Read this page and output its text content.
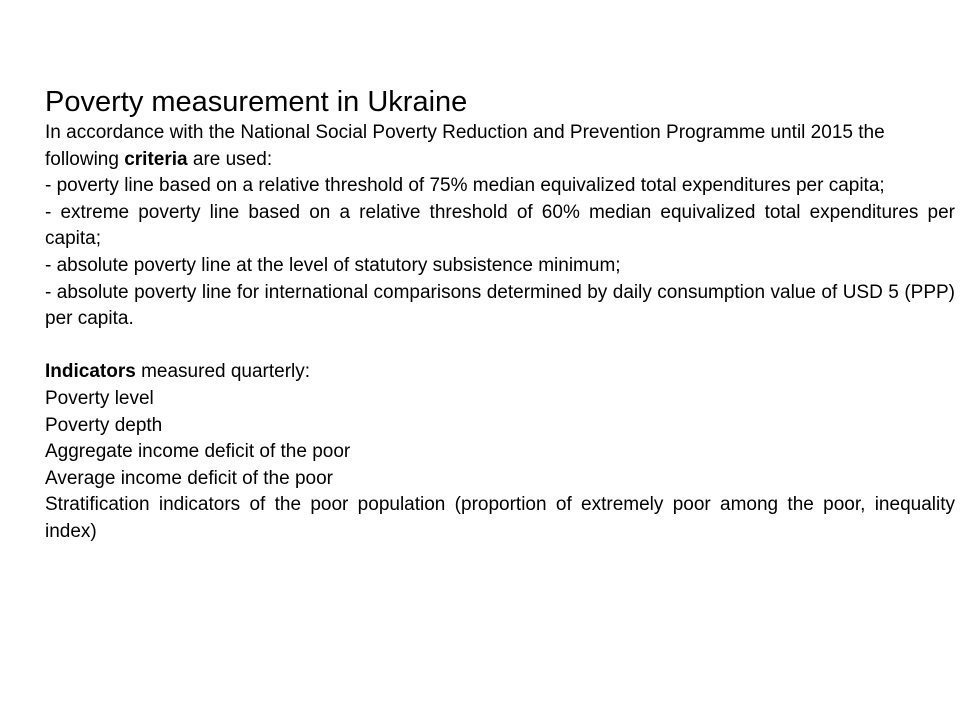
Poverty measurement in Ukraine

In accordance with the National Social Poverty Reduction and Prevention Programme until 2015 the following criteria are used:

- poverty line based on a relative threshold of 75% median equivalized total expenditures per capita;
- extreme poverty line based on a relative threshold of 60% median equivalized total expenditures per capita;
- absolute poverty line at the level of statutory subsistence minimum;
- absolute poverty line for international comparisons determined by daily consumption value of USD 5 (PPP) per capita.

Indicators measured quarterly:

Poverty level
Poverty depth
Aggregate income deficit of the poor
Average income deficit of the poor
Stratification indicators of the poor population (proportion of extremely poor among the poor, inequality index)
